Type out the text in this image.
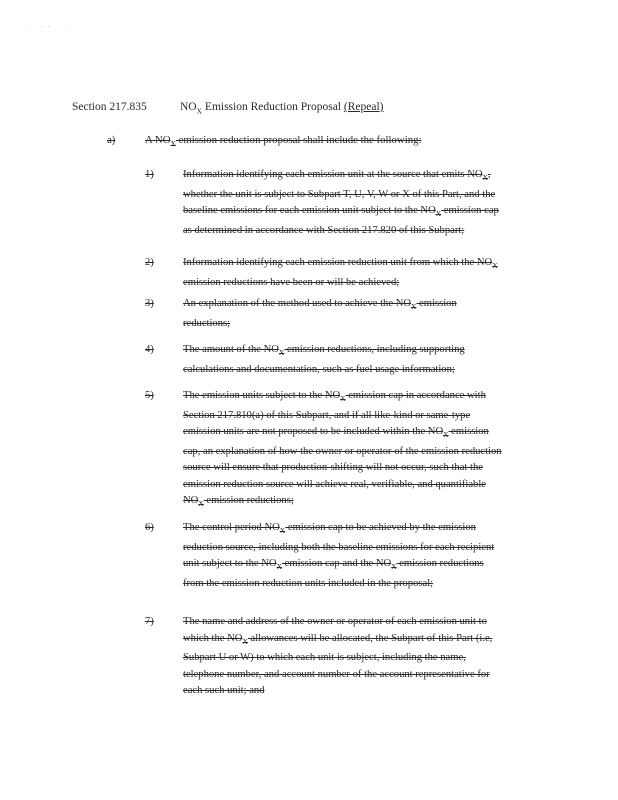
· '' ·
Section 217.835	$NO_X$ Emission Reduction Proposal (Repeal)
a)	A $NO_X$ emission reduction proposal shall include the following:
1)	Information identifying each emission unit at the source that emits $NO_X$, whether the unit is subject to Subpart T, U, V, W or X of this Part, and the baseline emissions for each emission unit subject to the $NO_X$ emission cap as determined in accordance with Section 217.820 of this Subpart;
2)	Information identifying each emission reduction unit from which the $NO_X$ emission reductions have been or will be achieved;
3)	An explanation of the method used to achieve the $NO_X$ emission reductions;
4)	The amount of the $NO_X$ emission reductions, including supporting calculations and documentation, such as fuel usage information;
5)	The emission units subject to the $NO_X$ emission cap in accordance with Section 217.810(a) of this Subpart, and if all like-kind or same-type emission units are not proposed to be included within the $NO_X$ emission cap, an explanation of how the owner or operator of the emission reduction source will ensure that production-shifting will not occur, such that the emission reduction source will achieve real, verifiable, and quantifiable $NO_X$ emission reductions;
6)	The control period $NO_X$ emission cap to be achieved by the emission reduction source, including both the baseline emissions for each recipient unit subject to the $NO_X$ emission cap and the $NO_X$ emission reductions from the emission reduction units included in the proposal;
7)	The name and address of the owner or operator of each emission unit to which the $NO_X$ allowances will be allocated, the Subpart of this Part (i.e, Subpart U or W) to which each unit is subject, including the name, telephone number, and account number of the account representative for each such unit; and
